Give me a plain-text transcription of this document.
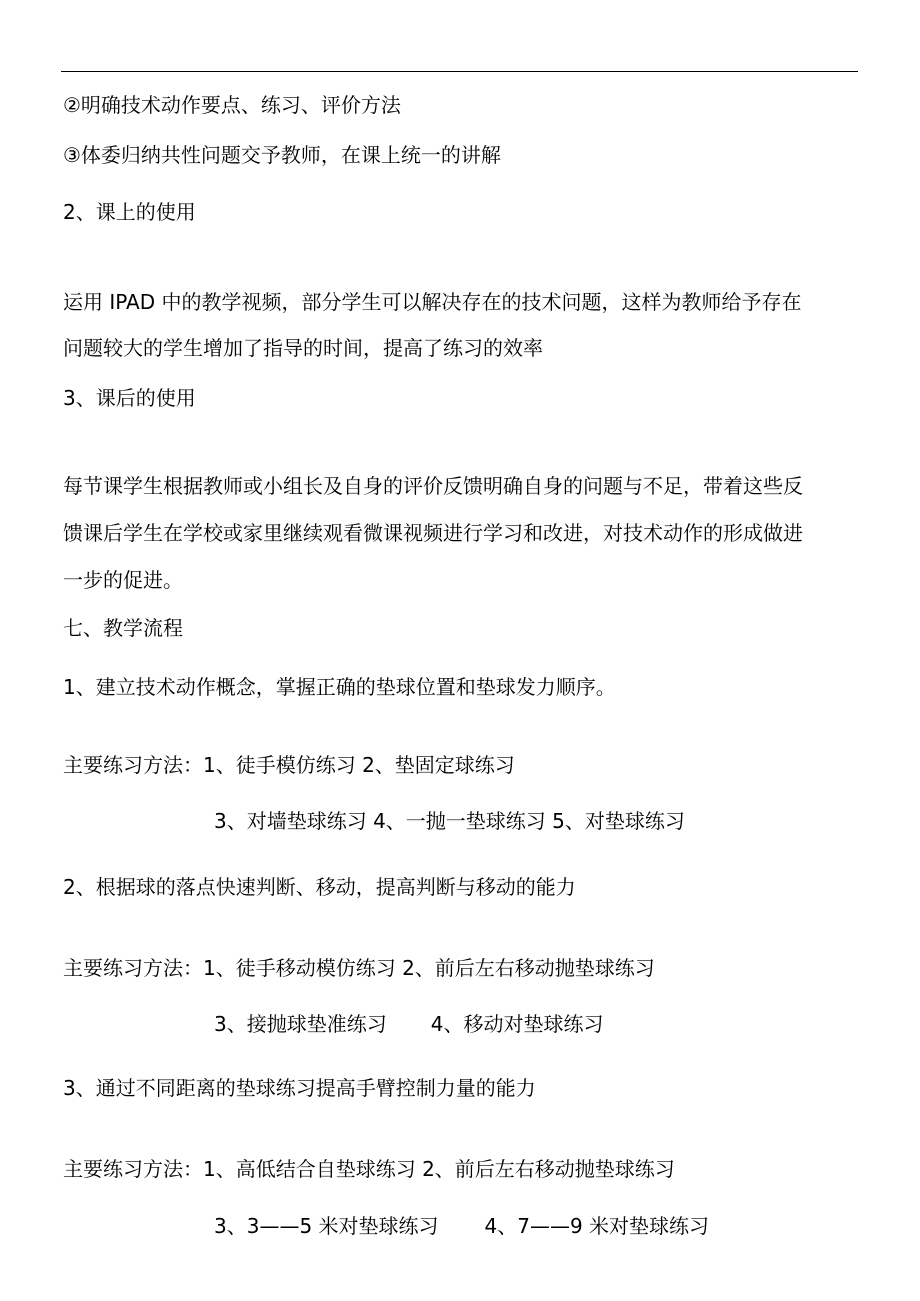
②明确技术动作要点、练习、评价方法
③体委归纳共性问题交予教师，在课上统一的讲解
2、课上的使用
运用 IPAD 中的教学视频，部分学生可以解决存在的技术问题，这样为教师给予存在
问题较大的学生增加了指导的时间，提高了练习的效率
3、课后的使用
每节课学生根据教师或小组长及自身的评价反馈明确自身的问题与不足，带着这些反
馈课后学生在学校或家里继续观看微课视频进行学习和改进，对技术动作的形成做进
一步的促进。
七、教学流程
1、建立技术动作概念，掌握正确的垫球位置和垫球发力顺序。
主要练习方法：1、徒手模仿练习 2、垫固定球练习
3、对墙垫球练习 4、一抛一垫球练习 5、对垫球练习
2、根据球的落点快速判断、移动，提高判断与移动的能力
主要练习方法：1、徒手移动模仿练习 2、前后左右移动抛垫球练习
3、接抛球垫准练习 4、移动对垫球练习
3、通过不同距离的垫球练习提高手臂控制力量的能力
主要练习方法：1、高低结合自垫球练习 2、前后左右移动抛垫球练习
3、3——5 米对垫球练习 4、7——9 米对垫球练习
